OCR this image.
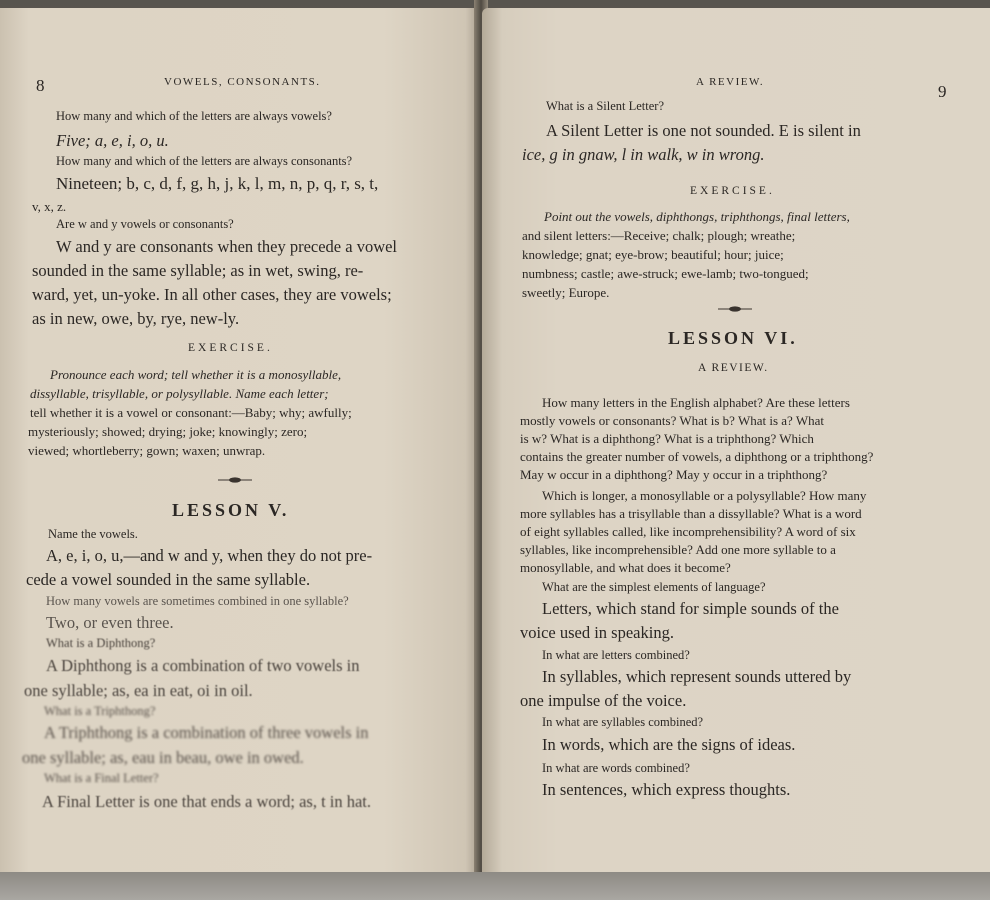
8	VOWELS, CONSONANTS.
How many and which of the letters are always vowels?
Five; a, e, i, o, u.
How many and which of the letters are always consonants?
Nineteen; b, c, d, f, g, h, j, k, l, m, n, p, q, r, s, t,
v, x, z.
Are w and y vowels or consonants?
W and y are consonants when they precede a vowel
sounded in the same syllable; as in wet, swing, re-
ward, yet, un-yoke. In all other cases, they are vowels;
as in new, owe, by, rye, new-ly.
EXERCISE.
Pronounce each word; tell whether it is a monosyllable,
dissyllable, trisyllable, or polysyllable. Name each letter;
tell whether it is a vowel or consonant:—Baby; why; awfully;
mysteriously; showed; drying; joke; knowingly; zero;
viewed; whortleberry; gown; waxen; unwrap.
LESSON V.
Name the vowels.
A, e, i, o, u,—and w and y, when they do not pre-
cede a vowel sounded in the same syllable.
How many vowels are sometimes combined in one syllable?
Two, or even three.
What is a Diphthong?
A Diphthong is a combination of two vowels in
one syllable; as, ea in eat, oi in oil.
What is a Triphthong?
A Triphthong is a combination of three vowels in
one syllable; as, eau in beau, owe in owed.
What is a Final Letter?
A Final Letter is one that ends a word; as, t in hat.
A REVIEW.	9
What is a Silent Letter?
A Silent Letter is one not sounded. E is silent in
ice, g in gnaw, l in walk, w in wrong.
EXERCISE.
Point out the vowels, diphthongs, triphthongs, final letters,
and silent letters:—Receive; chalk; plough; wreathe;
knowledge; gnat; eye-brow; beautiful; hour; juice;
numbness; castle; awe-struck; ewe-lamb; two-tongued;
sweetly; Europe.
LESSON VI.
A REVIEW.
How many letters in the English alphabet? Are these letters
mostly vowels or consonants? What is b? What is a? What
is w? What is a diphthong? What is a triphthong? Which
contains the greater number of vowels, a diphthong or a triphthong?
May w occur in a diphthong? May y occur in a triphthong?
Which is longer, a monosyllable or a polysyllable? How many
more syllables has a trisyllable than a dissyllable? What is a word
of eight syllables called, like incomprehensibility? A word of six
syllables, like incomprehensible? Add one more syllable to a
monosyllable, and what does it become?
What are the simplest elements of language?
Letters, which stand for simple sounds of the
voice used in speaking.
In what are letters combined?
In syllables, which represent sounds uttered by
one impulse of the voice.
In what are syllables combined?
In words, which are the signs of ideas.
In what are words combined?
In sentences, which express thoughts.
